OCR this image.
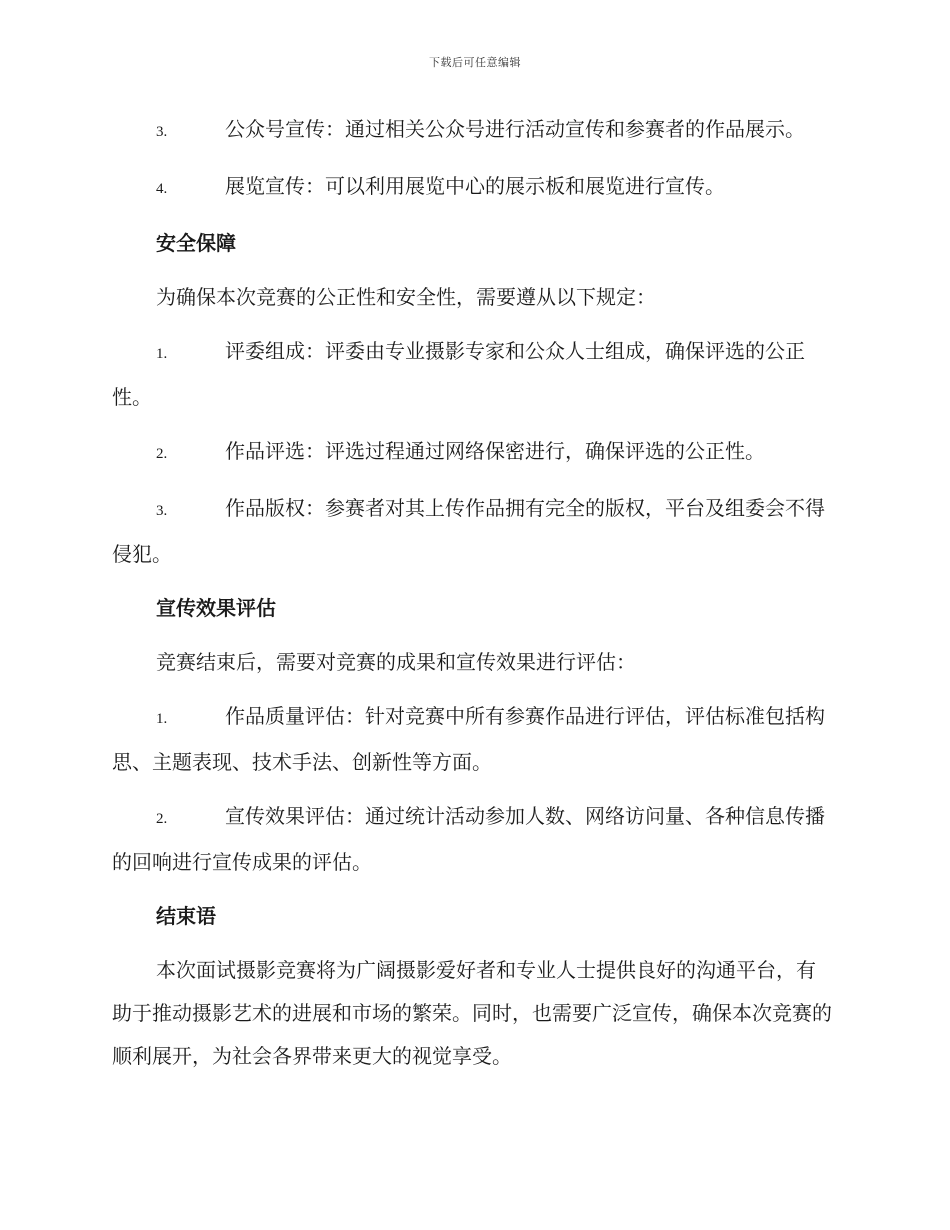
下载后可任意编辑

3.	公众号宣传：通过相关公众号进行活动宣传和参赛者的作品展示。

4.	展览宣传：可以利用展览中心的展示板和展览进行宣传。

安全保障

为确保本次竞赛的公正性和安全性，需要遵从以下规定：

1.	评委组成：评委由专业摄影专家和公众人士组成，确保评选的公正性。

2.	作品评选：评选过程通过网络保密进行，确保评选的公正性。

3.	作品版权：参赛者对其上传作品拥有完全的版权，平台及组委会不得侵犯。

宣传效果评估

竞赛结束后，需要对竞赛的成果和宣传效果进行评估：

1.	作品质量评估：针对竞赛中所有参赛作品进行评估，评估标准包括构思、主题表现、技术手法、创新性等方面。

2.	宣传效果评估：通过统计活动参加人数、网络访问量、各种信息传播的回响进行宣传成果的评估。

结束语

本次面试摄影竞赛将为广阔摄影爱好者和专业人士提供良好的沟通平台，有助于推动摄影艺术的进展和市场的繁荣。同时，也需要广泛宣传，确保本次竞赛的顺利展开，为社会各界带来更大的视觉享受。
